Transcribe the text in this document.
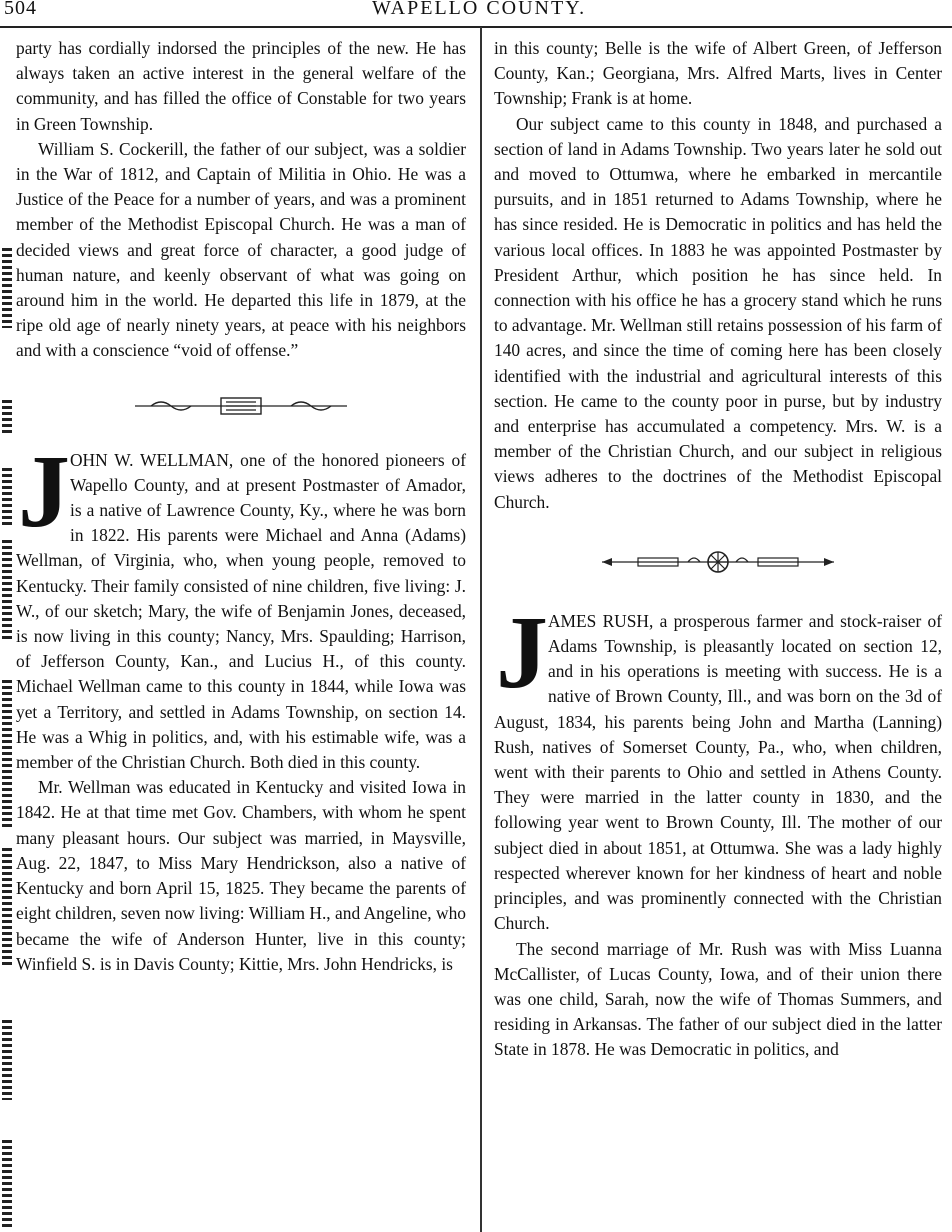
504	WAPELLO COUNTY.

party has cordially indorsed the principles of the new. He has always taken an active interest in the general welfare of the community, and has filled the office of Constable for two years in Green Township.

William S. Cockerill, the father of our subject, was a soldier in the War of 1812, and Captain of Militia in Ohio. He was a Justice of the Peace for a number of years, and was a prominent member of the Methodist Episcopal Church. He was a man of decided views and great force of character, a good judge of human nature, and keenly observant of what was going on around him in the world. He departed this life in 1879, at the ripe old age of nearly ninety years, at peace with his neighbors and with a conscience “void of offense.”

J OHN W. WELLMAN, one of the honored pioneers of Wapello County, and at present Postmaster of Amador, is a native of Lawrence County, Ky., where he was born in 1822. His parents were Michael and Anna (Adams) Wellman, of Virginia, who, when young people, removed to Kentucky. Their family consisted of nine children, five living: J. W., of our sketch; Mary, the wife of Benjamin Jones, deceased, is now living in this county; Nancy, Mrs. Spaulding; Harrison, of Jefferson County, Kan., and Lucius H., of this county. Michael Wellman came to this county in 1844, while Iowa was yet a Territory, and settled in Adams Township, on section 14. He was a Whig in politics, and, with his estimable wife, was a member of the Christian Church. Both died in this county.

Mr. Wellman was educated in Kentucky and visited Iowa in 1842. He at that time met Gov. Chambers, with whom he spent many pleasant hours. Our subject was married, in Maysville, Aug. 22, 1847, to Miss Mary Hendrickson, also a native of Kentucky and born April 15, 1825. They became the parents of eight children, seven now living: William H., and Angeline, who became the wife of Anderson Hunter, live in this county; Winfield S. is in Davis County; Kittie, Mrs. John Hendricks, is

in this county; Belle is the wife of Albert Green, of Jefferson County, Kan.; Georgiana, Mrs. Alfred Marts, lives in Center Township; Frank is at home.

Our subject came to this county in 1848, and purchased a section of land in Adams Township. Two years later he sold out and moved to Ottumwa, where he embarked in mercantile pursuits, and in 1851 returned to Adams Township, where he has since resided. He is Democratic in politics and has held the various local offices. In 1883 he was appointed Postmaster by President Arthur, which position he has since held. In connection with his office he has a grocery stand which he runs to advantage. Mr. Wellman still retains possession of his farm of 140 acres, and since the time of coming here has been closely identified with the industrial and agricultural interests of this section. He came to the county poor in purse, but by industry and enterprise has accumulated a competency. Mrs. W. is a member of the Christian Church, and our subject in religious views adheres to the doctrines of the Methodist Episcopal Church.

J AMES RUSH, a prosperous farmer and stock-raiser of Adams Township, is pleasantly located on section 12, and in his operations is meeting with success. He is a native of Brown County, Ill., and was born on the 3d of August, 1834, his parents being John and Martha (Lanning) Rush, natives of Somerset County, Pa., who, when children, went with their parents to Ohio and settled in Athens County. They were married in the latter county in 1830, and the following year went to Brown County, Ill. The mother of our subject died in about 1851, at Ottumwa. She was a lady highly respected wherever known for her kindness of heart and noble principles, and was prominently connected with the Christian Church.

The second marriage of Mr. Rush was with Miss Luanna McCallister, of Lucas County, Iowa, and of their union there was one child, Sarah, now the wife of Thomas Summers, and residing in Arkansas. The father of our subject died in the latter State in 1878. He was Democratic in politics, and
